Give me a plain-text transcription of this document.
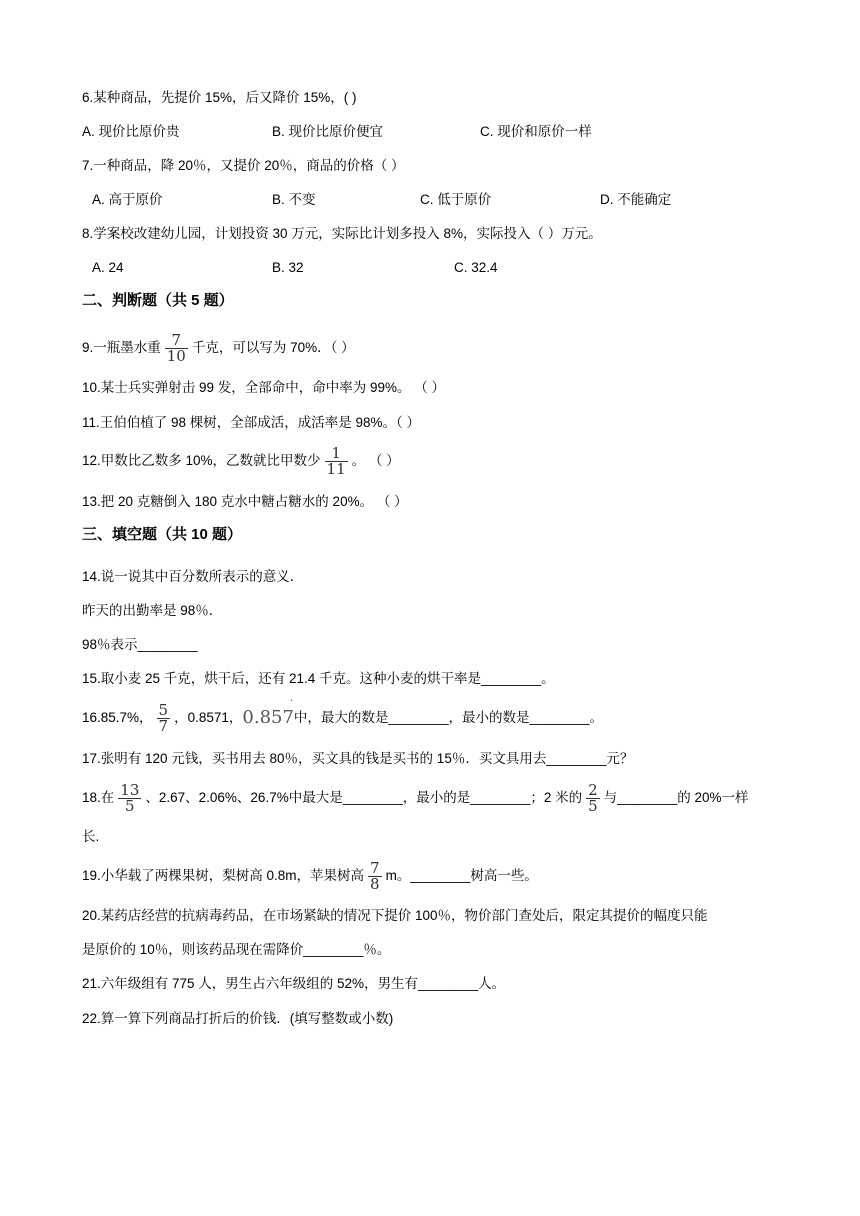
6.某种商品，先提价 15%，后又降价 15%，( )
A. 现价比原价贵	B. 现价比原价便宜	C. 现价和原价一样
7.一种商品，降 20％，又提价 20％，商品的价格（ ）
A. 高于原价	B. 不变	C. 低于原价	D. 不能确定
8.学案校改建幼儿园，计划投资 30 万元，实际比计划多投入 8%，实际投入（ ）万元。
A. 24	B. 32	C. 32.4
二、判断题（共 5 题）
9.一瓶墨水重 $\frac{7}{10}$ 千克，可以写为 70%．（ ）
10.某士兵实弹射击 99 发，全部命中，命中率为 99%。 （ ）
11.王伯伯植了 98 棵树，全部成活，成活率是 98%。（ ）
12.甲数比乙数多 10%，乙数就比甲数少 $\frac{1}{11}$ 。 （ ）
13.把 20 克糖倒入 180 克水中糖占糖水的 20%。 （ ）
三、填空题（共 10 题）
14.说一说其中百分数所表示的意义．
昨天的出勤率是 98％．
98％表示________
15.取小麦 25 千克，烘干后，还有 21.4 千克。这种小麦的烘干率是________。
16.85.7%， $\frac{5}{7}$ ，0.8571，0.857
·
中，最大的数是________，最小的数是________。
17.张明有 120 元钱，买书用去 80％，买文具的钱是买书的 15％．买文具用去________元？
18.在 $\frac{13}{5}$ 、2.67、2.06%、26.7%中最大是________，最小的是________；2 米的 $\frac{2}{5}$ 与________的 20%一样
长.
19.小华载了两棵果树，梨树高 0.8m，苹果树高 $\frac{7}{8}$ m。________树高一些。
20.某药店经营的抗病毒药品，在市场紧缺的情况下提价 100％，物价部门查处后，限定其提价的幅度只能
是原价的 10％，则该药品现在需降价________％。
21.六年级组有 775 人，男生占六年级组的 52%，男生有________人。
22.算一算下列商品打折后的价钱．(填写整数或小数)
